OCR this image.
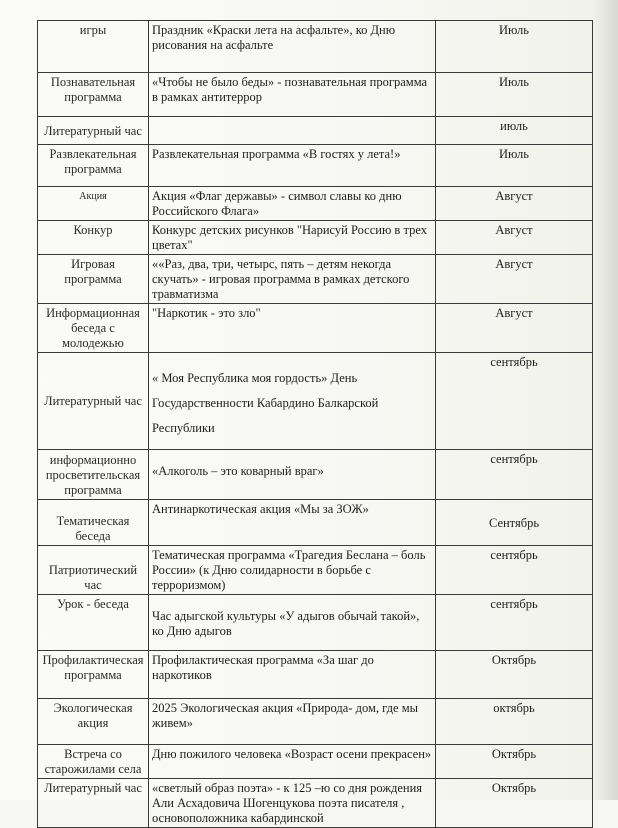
игры	Праздник «Краски лета на асфальте», ко Дню рисования на асфальте	Июль
Познавательная программа	«Чтобы не было беды» - познавательная программа в рамках антитеррор	Июль
Литературный час		июль
Развлекательная программа	Развлекательная программа «В гостях у лета!»	Июль
Акция	Акция «Флаг державы» - символ славы ко дню Российского Флага»	Август
Конкур	Конкурс детских рисунков "Нарисуй Россию в трех цветах"	Август
Игровая программа	««Раз, два, три, четырс, пять – детям некогда скучать» - игровая программа в рамках детского травматизма	Август
Информационная беседа с молодежью	"Наркотик - это зло"	Август
Литературный час	« Моя Республика моя гордость» День
Государственности Кабардино Балкарской
Республики	сентябрь
информационно просветительская программа	«Алкоголь – это коварный враг»	сентябрь
Тематическая беседа	Антинаркотическая акция «Мы за ЗОЖ»	Сентябрь
Патриотический час	Тематическая программа «Трагедия Беслана – боль России» (к Дню солидарности в борьбе с терроризмом)	сентябрь
Урок - беседа	Час адыгской культуры «У адыгов обычай такой», ко Дню адыгов	сентябрь
Профилактическая программа	Профилактическая программа «За шаг до наркотиков	Октябрь
Экологическая акция	2025 Экологическая акция «Природа- дом, где мы живем»	октябрь
Встреча со старожилами села	Дню пожилого человека «Возраст осени прекрасен»	Октябрь
Литературный час	«светлый образ поэта» - к 125 –ю со дня рождения Али Асхадовича Шогенцукова поэта писателя , основоположника кабардинской	Октябрь
